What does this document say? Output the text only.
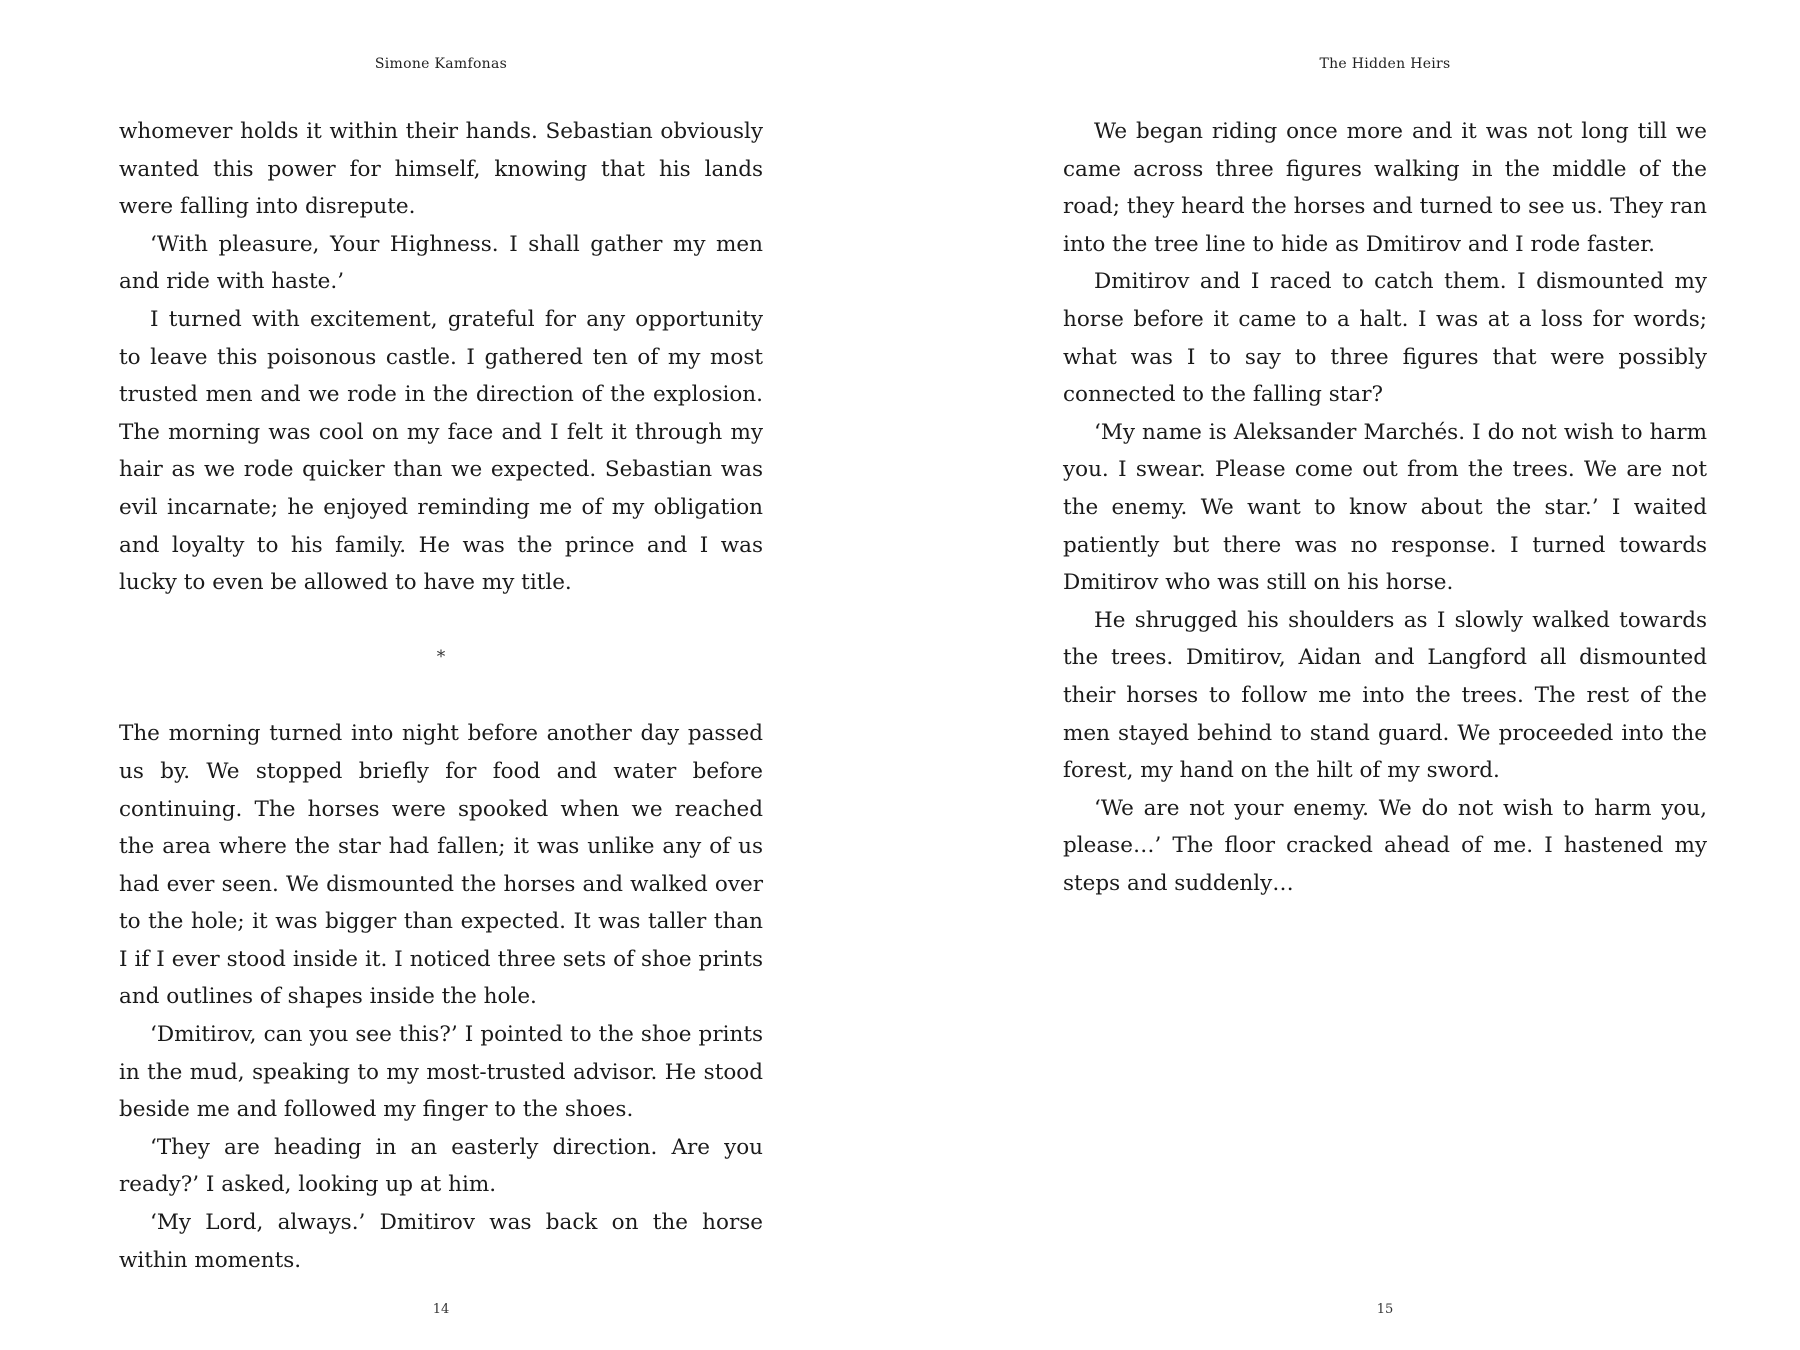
Simone Kamfonas

whomever holds it within their hands. Sebastian obviously wanted this power for himself, knowing that his lands were falling into disrepute.

‘With pleasure, Your Highness. I shall gather my men and ride with haste.’

I turned with excitement, grateful for any opportunity to leave this poisonous castle. I gathered ten of my most trusted men and we rode in the direction of the explosion. The morning was cool on my face and I felt it through my hair as we rode quicker than we expected. Sebastian was evil incarnate; he enjoyed reminding me of my obligation and loyalty to his family. He was the prince and I was lucky to even be allowed to have my title.

*

The morning turned into night before another day passed us by. We stopped briefly for food and water before continuing. The horses were spooked when we reached the area where the star had fallen; it was unlike any of us had ever seen. We dismounted the horses and walked over to the hole; it was bigger than expected. It was taller than I if I ever stood inside it. I noticed three sets of shoe prints and outlines of shapes inside the hole.

‘Dmitirov, can you see this?’ I pointed to the shoe prints in the mud, speaking to my most-trusted advisor. He stood beside me and followed my finger to the shoes.

‘They are heading in an easterly direction. Are you ready?’ I asked, looking up at him.

‘My Lord, always.’ Dmitirov was back on the horse within moments.

14
The Hidden Heirs

We began riding once more and it was not long till we came across three figures walking in the middle of the road; they heard the horses and turned to see us. They ran into the tree line to hide as Dmitirov and I rode faster.

Dmitirov and I raced to catch them. I dismounted my horse before it came to a halt. I was at a loss for words; what was I to say to three figures that were possibly connected to the falling star?

‘My name is Aleksander Marchés. I do not wish to harm you. I swear. Please come out from the trees. We are not the enemy. We want to know about the star.’ I waited patiently but there was no response. I turned towards Dmitirov who was still on his horse.

He shrugged his shoulders as I slowly walked towards the trees. Dmitirov, Aidan and Langford all dismounted their horses to follow me into the trees. The rest of the men stayed behind to stand guard. We proceeded into the forest, my hand on the hilt of my sword.

‘We are not your enemy. We do not wish to harm you, please…’ The floor cracked ahead of me. I hastened my steps and suddenly…

15
